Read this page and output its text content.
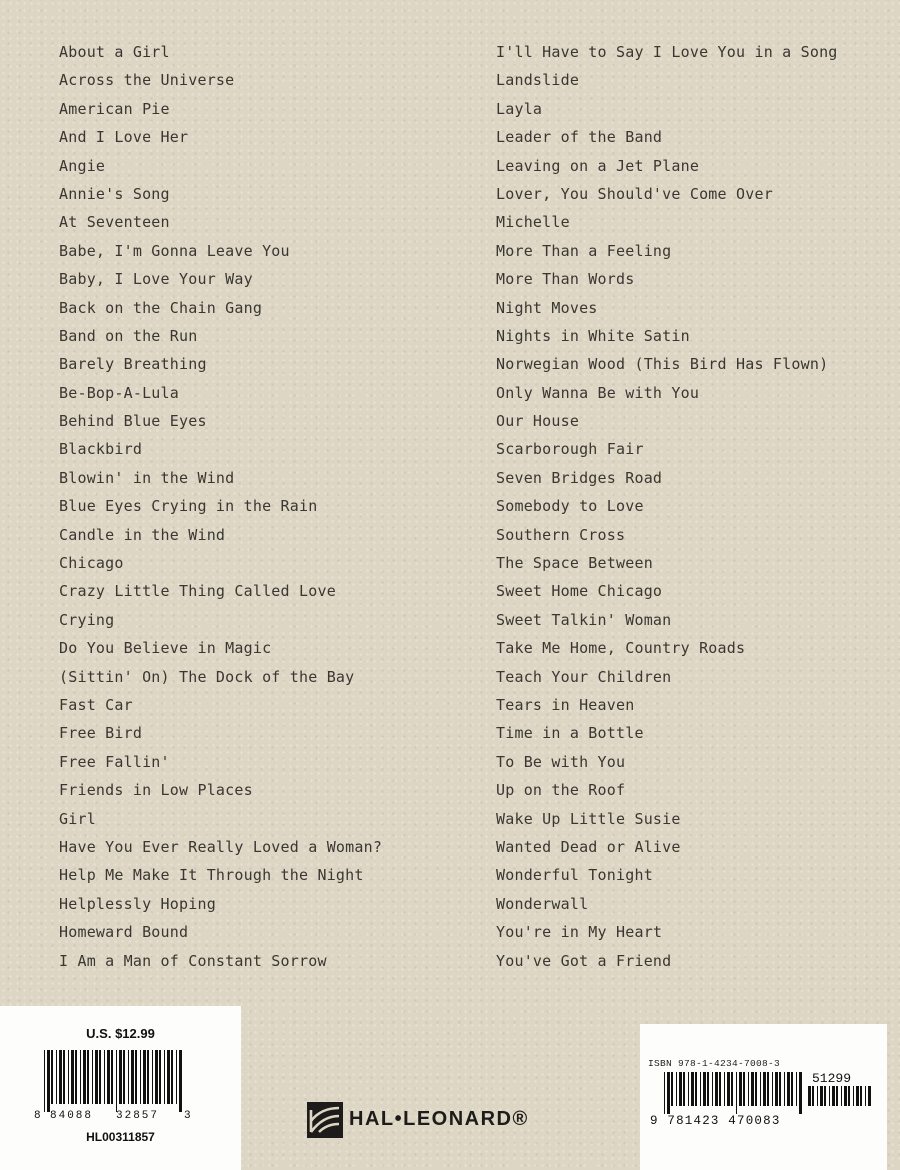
About a Girl
Across the Universe
American Pie
And I Love Her
Angie
Annie's Song
At Seventeen
Babe, I'm Gonna Leave You
Baby, I Love Your Way
Back on the Chain Gang
Band on the Run
Barely Breathing
Be-Bop-A-Lula
Behind Blue Eyes
Blackbird
Blowin' in the Wind
Blue Eyes Crying in the Rain
Candle in the Wind
Chicago
Crazy Little Thing Called Love
Crying
Do You Believe in Magic
(Sittin' On) The Dock of the Bay
Fast Car
Free Bird
Free Fallin'
Friends in Low Places
Girl
Have You Ever Really Loved a Woman?
Help Me Make It Through the Night
Helplessly Hoping
Homeward Bound
I Am a Man of Constant Sorrow
I'll Have to Say I Love You in a Song
Landslide
Layla
Leader of the Band
Leaving on a Jet Plane
Lover, You Should've Come Over
Michelle
More Than a Feeling
More Than Words
Night Moves
Nights in White Satin
Norwegian Wood (This Bird Has Flown)
Only Wanna Be with You
Our House
Scarborough Fair
Seven Bridges Road
Somebody to Love
Southern Cross
The Space Between
Sweet Home Chicago
Sweet Talkin' Woman
Take Me Home, Country Roads
Teach Your Children
Tears in Heaven
Time in a Bottle
To Be with You
Up on the Roof
Wake Up Little Susie
Wanted Dead or Alive
Wonderful Tonight
Wonderwall
You're in My Heart
You've Got a Friend
U.S. $12.99
8 84088 32857 3
HL00311857
HAL•LEONARD®
ISBN 978-1-4234-7008-3
51299
9 781423 470083
